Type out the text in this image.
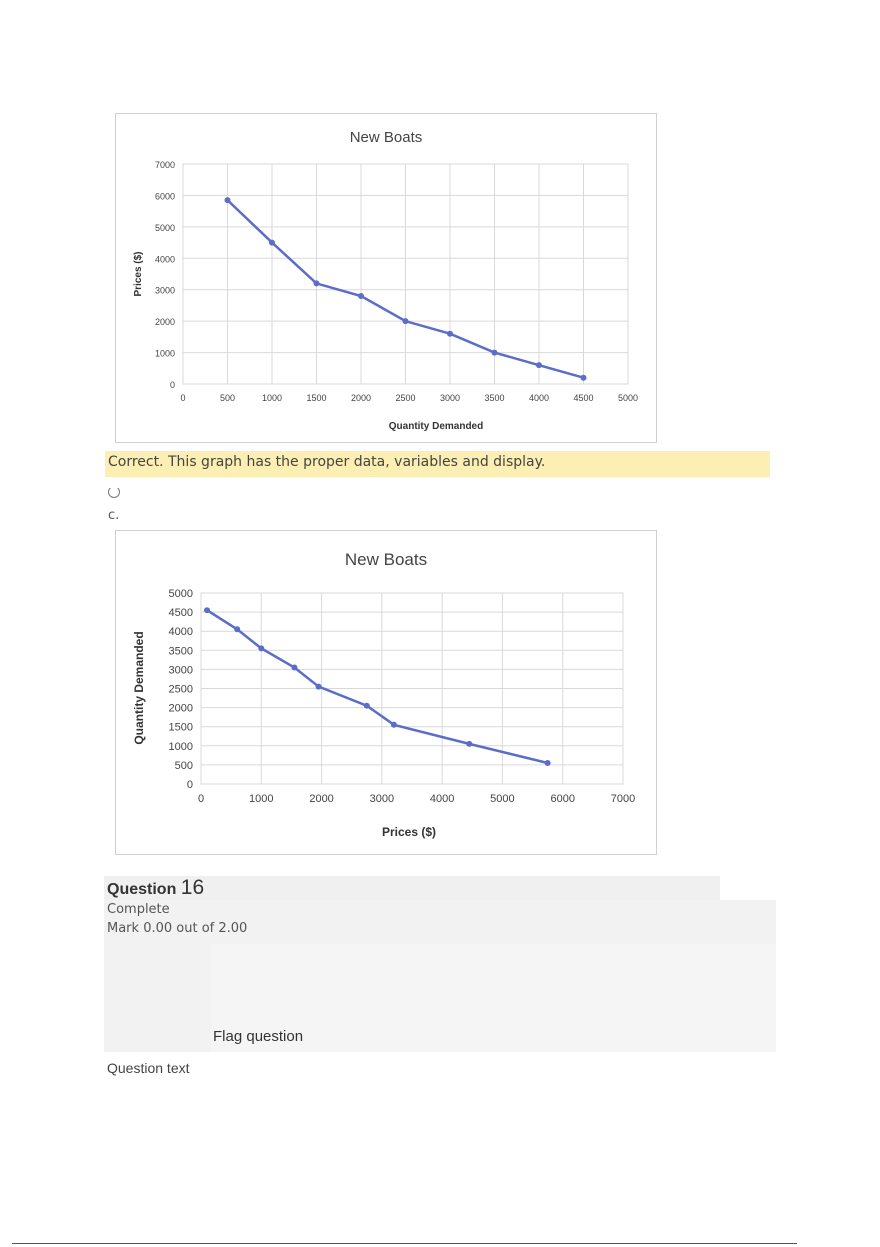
0	500	1000	1500	2000	2500	3000	3500	4000	4500	5000
0
1000
2000
3000
4000
5000
6000
7000
New Boats
Quantity Demanded
Prices ($)
Correct. This graph has the proper data, variables and display.
c.
0	1000	2000	3000	4000	5000	6000	7000
0
500
1000
1500
2000
2500
3000
3500
4000
4500
5000
New Boats
Prices ($)
Quantity Demanded
Question 16
Complete
Mark 0.00 out of 2.00
Flag question
Question text
